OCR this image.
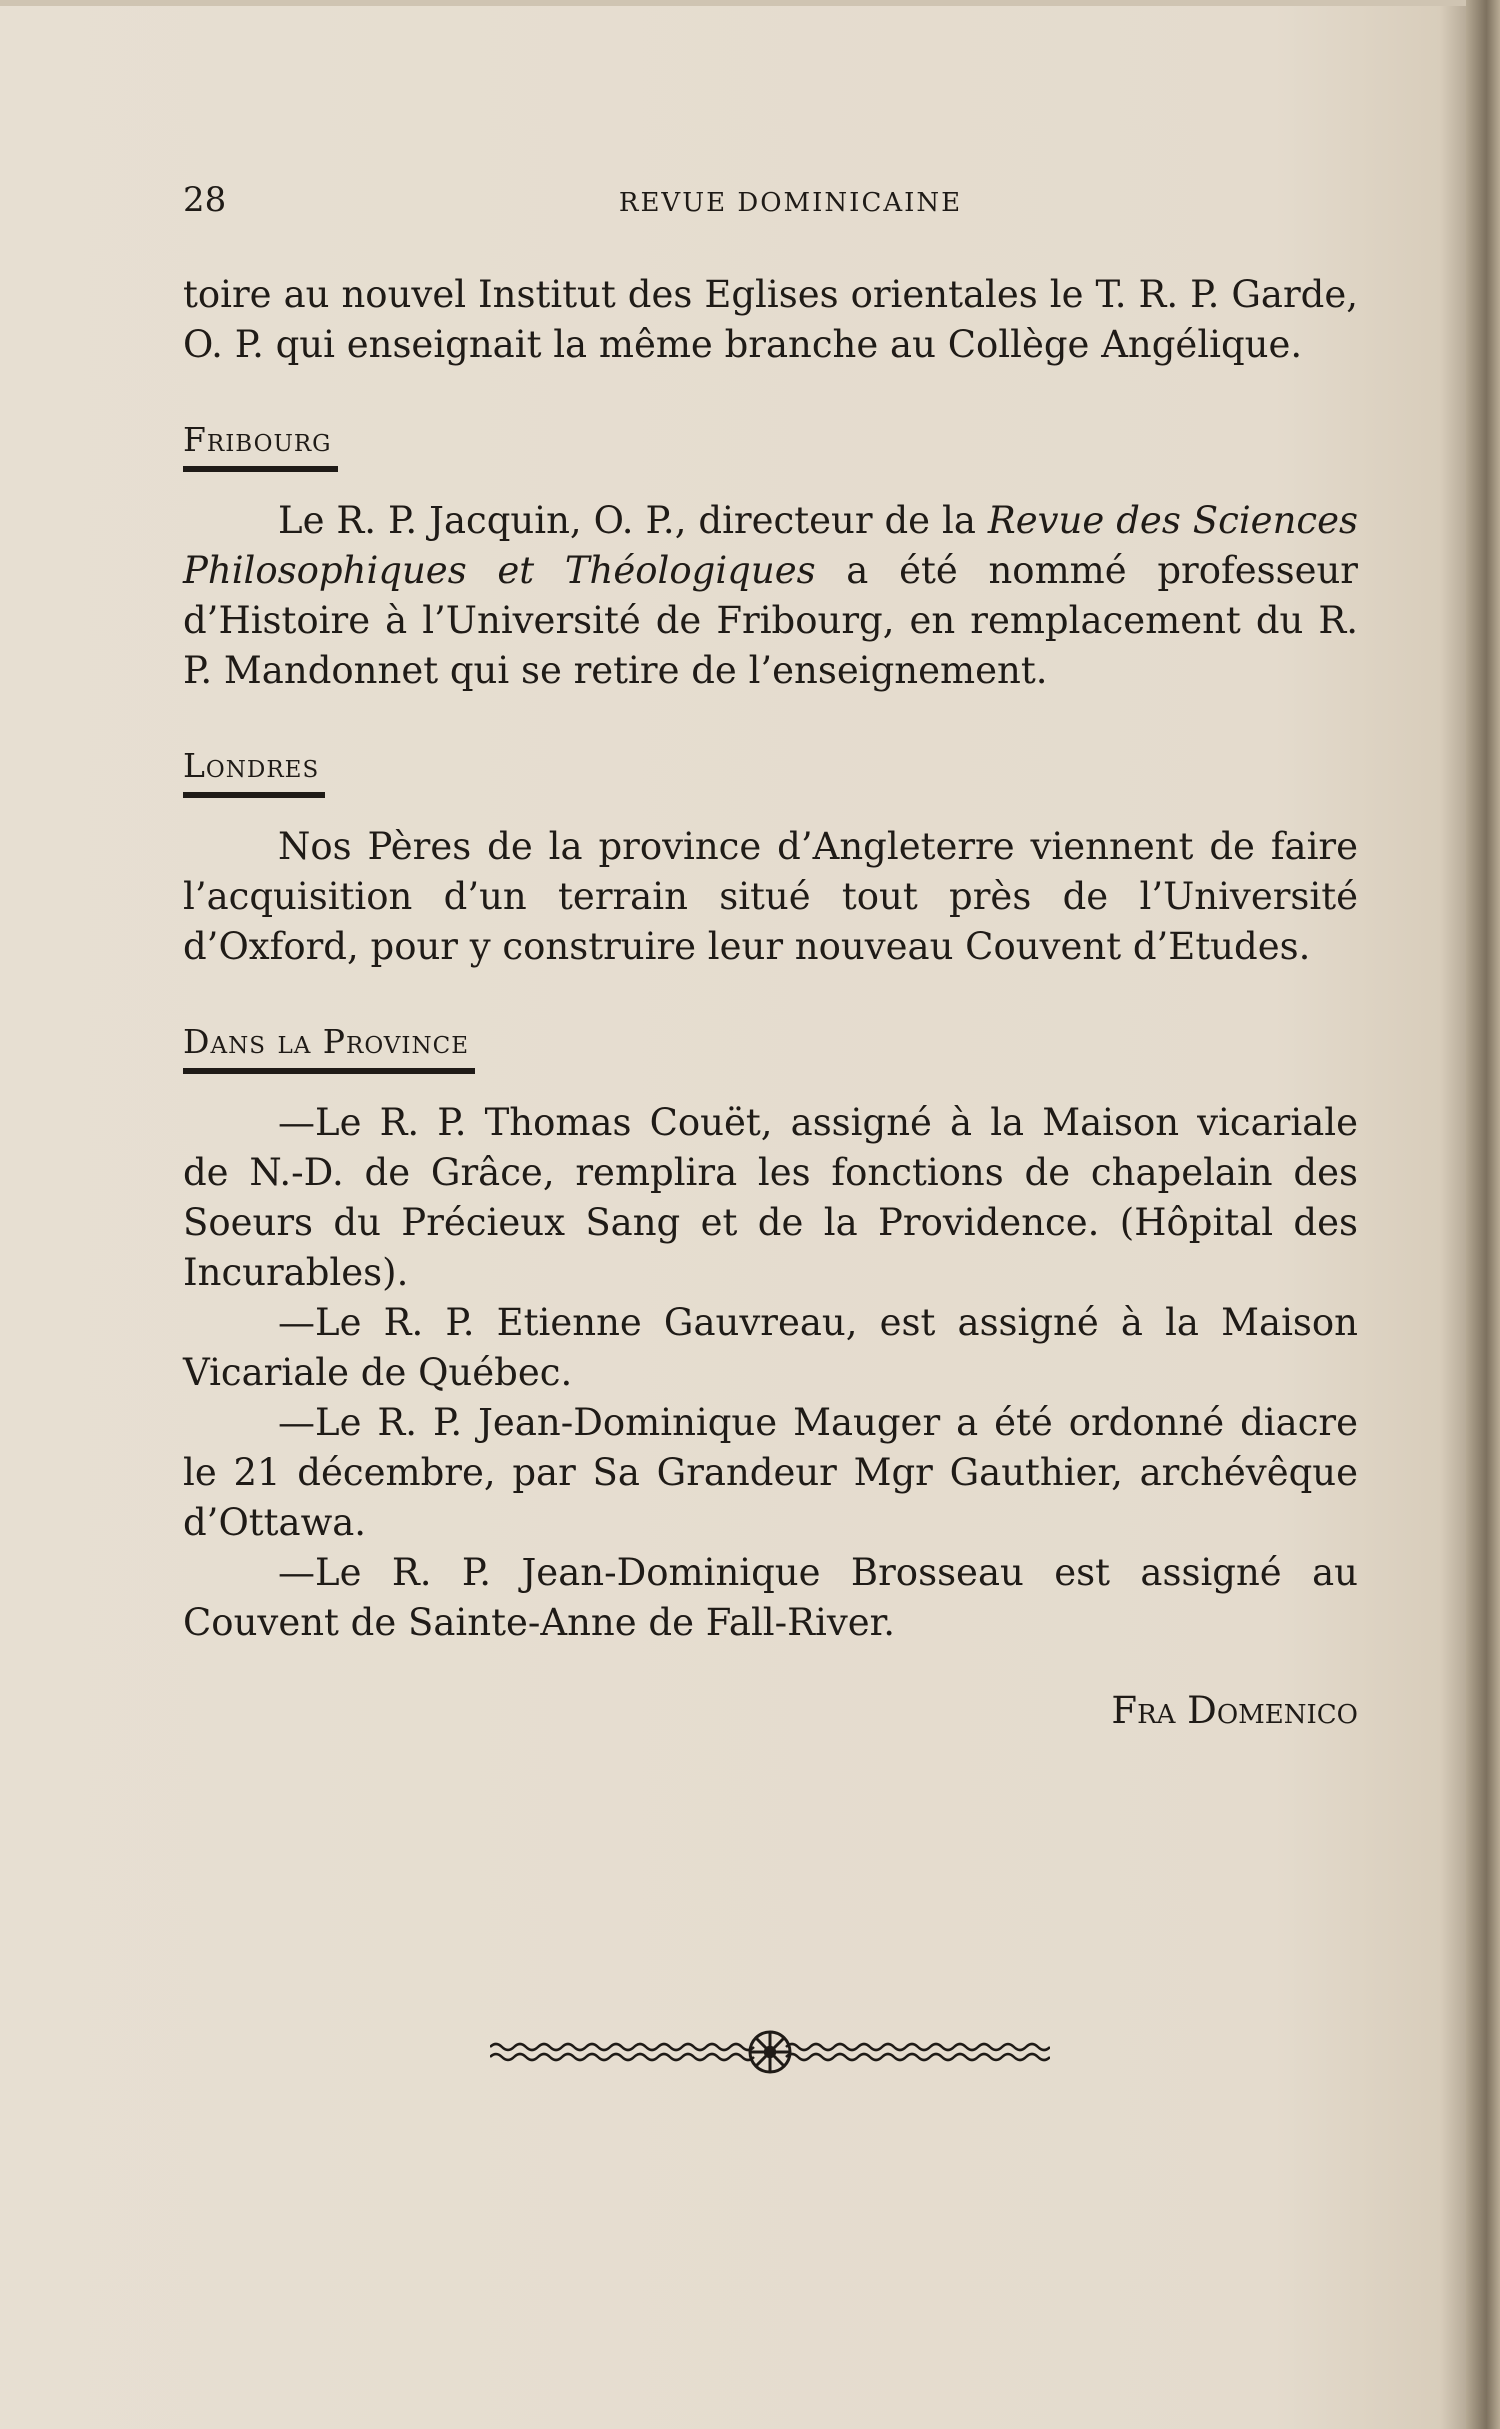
28	REVUE DOMINICAINE

toire au nouvel Institut des Eglises orientales le T. R. P. Garde, O. P. qui enseignait la même branche au Collège Angélique.

Fribourg

Le R. P. Jacquin, O. P., directeur de la Revue des Sciences Philosophiques et Théologiques a été nommé professeur d’Histoire à l’Université de Fribourg, en remplacement du R. P. Mandonnet qui se retire de l’enseignement.

Londres

Nos Pères de la province d’Angleterre viennent de faire l’acquisition d’un terrain situé tout près de l’Université d’Oxford, pour y construire leur nouveau Couvent d’Etudes.

Dans la Province

—Le R. P. Thomas Couët, assigné à la Maison vicariale de N.-D. de Grâce, remplira les fonctions de chapelain des Soeurs du Précieux Sang et de la Providence. (Hôpital des Incurables).

—Le R. P. Etienne Gauvreau, est assigné à la Maison Vicariale de Québec.

—Le R. P. Jean-Dominique Mauger a été ordonné diacre le 21 décembre, par Sa Grandeur Mgr Gauthier, archévêque d’Ottawa.

—Le R. P. Jean-Dominique Brosseau est assigné au Couvent de Sainte-Anne de Fall-River.

Fra Domenico
